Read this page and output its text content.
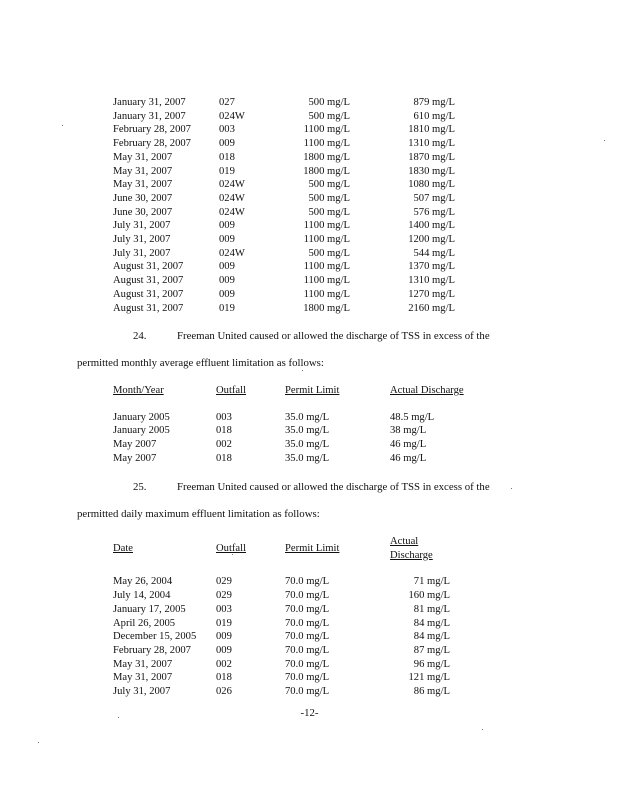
January 31, 2007	027	500 mg/L	879 mg/L
January 31, 2007	024W	500 mg/L	610 mg/L
February 28, 2007	003	1100 mg/L	1810 mg/L
February 28, 2007	009	1100 mg/L	1310 mg/L
May 31, 2007	018	1800 mg/L	1870 mg/L
May 31, 2007	019	1800 mg/L	1830 mg/L
May 31, 2007	024W	500 mg/L	1080 mg/L
June 30, 2007	024W	500 mg/L	507 mg/L
June 30, 2007	024W	500 mg/L	576 mg/L
July 31, 2007	009	1100 mg/L	1400 mg/L
July 31, 2007	009	1100 mg/L	1200 mg/L
July 31, 2007	024W	500 mg/L	544 mg/L
August 31, 2007	009	1100 mg/L	1370 mg/L
August 31, 2007	009	1100 mg/L	1310 mg/L
August 31, 2007	009	1100 mg/L	1270 mg/L
August 31, 2007	019	1800 mg/L	2160 mg/L
24.	Freeman United caused or allowed the discharge of TSS in excess of the
permitted monthly average effluent limitation as follows:
Month/Year	Outfall	Permit Limit	Actual Discharge
January 2005	003	35.0 mg/L	48.5 mg/L
January 2005	018	35.0 mg/L	38 mg/L
May 2007	002	35.0 mg/L	46 mg/L
May 2007	018	35.0 mg/L	46 mg/L
25.	Freeman United caused or allowed the discharge of TSS in excess of the
permitted daily maximum effluent limitation as follows:
Date	Outfall	Permit Limit	Actual Discharge
May 26, 2004	029	70.0 mg/L	71 mg/L
July 14, 2004	029	70.0 mg/L	160 mg/L
January 17, 2005	003	70.0 mg/L	81 mg/L
April 26, 2005	019	70.0 mg/L	84 mg/L
December 15, 2005	009	70.0 mg/L	84 mg/L
February 28, 2007	009	70.0 mg/L	87 mg/L
May 31, 2007	002	70.0 mg/L	96 mg/L
May 31, 2007	018	70.0 mg/L	121 mg/L
July 31, 2007	026	70.0 mg/L	86 mg/L
-12-
